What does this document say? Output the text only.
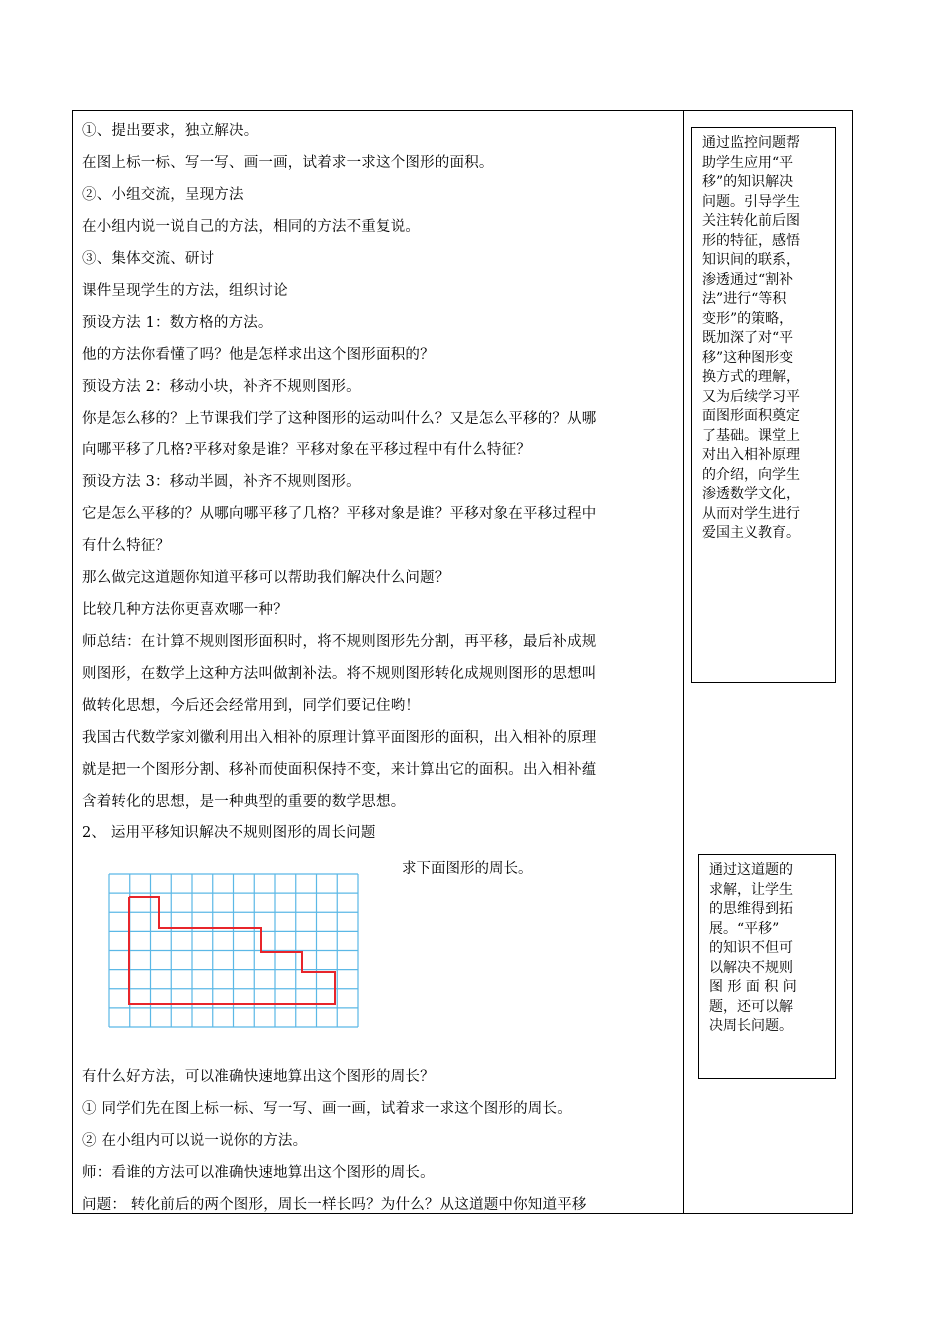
①、提出要求，独立解决。
在图上标一标、写一写、画一画，试着求一求这个图形的面积。
②、小组交流，呈现方法
在小组内说一说自己的方法，相同的方法不重复说。
③、集体交流、研讨
课件呈现学生的方法，组织讨论
预设方法 1：数方格的方法。
他的方法你看懂了吗？他是怎样求出这个图形面积的？
预设方法 2：移动小块，补齐不规则图形。
你是怎么移的？上节课我们学了这种图形的运动叫什么？又是怎么平移的？从哪
向哪平移了几格?平移对象是谁？平移对象在平移过程中有什么特征？
预设方法 3：移动半圆，补齐不规则图形。
它是怎么平移的？从哪向哪平移了几格？平移对象是谁？平移对象在平移过程中
有什么特征？
那么做完这道题你知道平移可以帮助我们解决什么问题？
比较几种方法你更喜欢哪一种？
师总结：在计算不规则图形面积时，将不规则图形先分割，再平移，最后补成规
则图形，在数学上这种方法叫做割补法。将不规则图形转化成规则图形的思想叫
做转化思想，今后还会经常用到，同学们要记住哟！
我国古代数学家刘徽利用出入相补的原理计算平面图形的面积，出入相补的原理
就是把一个图形分割、移补而使面积保持不变，来计算出它的面积。出入相补蕴
含着转化的思想，是一种典型的重要的数学思想。
2、 运用平移知识解决不规则图形的周长问题
求下面图形的周长。
有什么好方法，可以准确快速地算出这个图形的周长？
① 同学们先在图上标一标、写一写、画一画，试着求一求这个图形的周长。
② 在小组内可以说一说你的方法。
师：看谁的方法可以准确快速地算出这个图形的周长。
问题： 转化前后的两个图形，周长一样长吗？为什么？从这道题中你知道平移

通过监控问题帮

助学生应用“平

移”的知识解决

问题。引导学生

关注转化前后图

形的特征，感悟

知识间的联系，

渗透通过“割补

法”进行“等积

变形”的策略，

既加深了对“平

移”这种图形变

换方式的理解，

又为后续学习平

面图形面积奠定

了基础。课堂上

对出入相补原理

的介绍，向学生

渗透数学文化，

从而对学生进行

爱国主义教育。

通过这道题的

求解，让学生

的思维得到拓

展。“平移”

的知识不但可

以解决不规则

图 形 面 积 问

题，还可以解

决周长问题。
